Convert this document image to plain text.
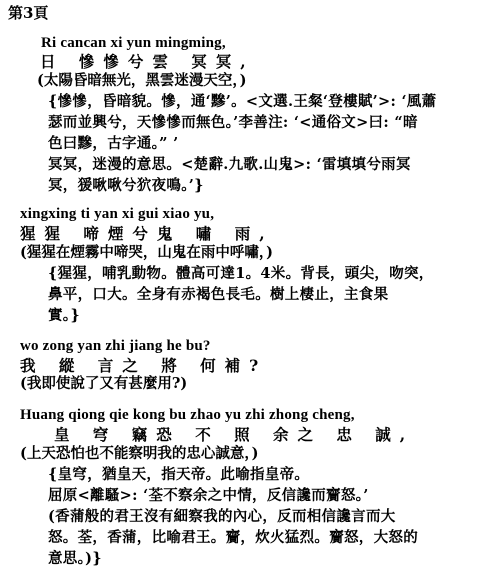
第3頁
Ri cancan xi yun mingming,
日 慘慘兮雲 冥冥,
(太陽昏暗無光，黑雲迷漫天空，)
{慘慘，昏暗貌。慘，通‘黲’。<文選.王粲‘登樓賦’>: ‘風蕭
瑟而並興兮，天慘慘而無色。’李善注: ‘<通俗文>曰: “暗
色曰黲，古字通。” ’
冥冥，迷漫的意思。<楚辭.九歌.山鬼>: ‘雷填填兮雨冥
冥，猨啾啾兮狖夜鳴。’}
xingxing ti yan xi gui xiao yu,
猩猩 啼煙兮鬼 嘯 雨,
(猩猩在煙霧中啼哭，山鬼在雨中呼嘯，)
{猩猩，哺乳動物。體高可達1。4米。背長，頭尖，吻突，
鼻平，口大。全身有赤褐色長毛。樹上棲止，主食果
實。}
wo zong yan zhi jiang he bu?
我 縱 言之 將 何補?
(我即使說了又有甚麼用?)
Huang qiong qie kong bu zhao yu zhi zhong cheng,
皇 穹 竊恐 不 照 余之 忠 誠,
(上天恐怕也不能察明我的忠心誠意，)
{皇穹，猶皇天，指天帝。此喻指皇帝。
屈原<離騷>: ‘荃不察余之中情，反信讒而齎怒。’
(香蒲般的君王沒有細察我的內心，反而相信讒言而大
怒。荃，香蒲，比喻君王。齎，炊火猛烈。齎怒，大怒的
意思。)}
